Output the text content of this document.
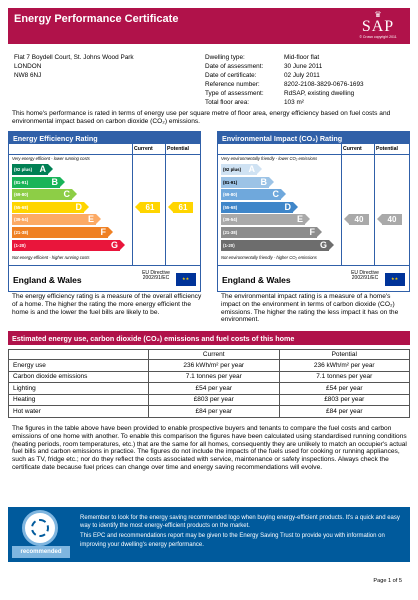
Energy Performance Certificate	♛
SAP
© Crown copyright 2011
Flat 7 Boydell Court, St. Johns Wood Park
LONDON
NW8 6NJ
Dwelling type:	Mid-floor flat
Date of assessment:	30 June 2011
Date of certificate:	02 July 2011
Reference number:	8202-2108-3829-0676-1693
Type of assessment:	RdSAP, existing dwelling
Total floor area:	103 m²
This home's performance is rated in terms of energy use per square metre of floor area, energy efficiency based on fuel costs and environmental impact based on carbon dioxide (CO₂) emissions.
Energy Efficiency Rating
Current	Potential
Very energy efficient - lower running costs
(92 plus) A
(81-91)	B
(69-80)	C
(55-68)	D
(39-54)	E
(21-38)	F
(1-20)	G
Not energy efficient - higher running costs
England & Wales
EU Directive 2002/91/EC	★★
61	61
The energy efficiency rating is a measure of the overall efficiency of a home. The higher the rating the more energy efficient the home is and the lower the fuel bills are likely to be.
Environmental Impact (CO₂) Rating
Current	Potential
Very environmentally friendly - lower CO₂ emissions
(92 plus) A
(81-91)	B
(69-80)	C
(55-68)	D
(39-54)	E
(21-38)	F
(1-20)	G
Not environmentally friendly - higher CO₂ emissions
England & Wales
EU Directive 2002/91/EC	★★
40	40
The environmental impact rating is a measure of a home's impact on the environment in terms of carbon dioxide (CO₂) emissions. The higher the rating the less impact it has on the environment.
Estimated energy use, carbon dioxide (CO₂) emissions and fuel costs of this home
	Current	Potential
Energy use	236 kWh/m² per year	236 kWh/m² per year
Carbon dioxide emissions	7.1 tonnes per year	7.1 tonnes per year
Lighting	£54 per year	£54 per year
Heating	£803 per year	£803 per year
Hot water	£84 per year	£84 per year
The figures in the table above have been provided to enable prospective buyers and tenants to compare the fuel costs and carbon emissions of one home with another. To enable this comparison the figures have been calculated using standardised running conditions (heating periods, room temperatures, etc.) that are the same for all homes, consequently they are unlikely to match an occupier's actual fuel bills and carbon emissions in practice. The figures do not include the impacts of the fuels used for cooking or running appliances, such as TV, fridge etc.; nor do they reflect the costs associated with service, maintenance or safety inspections. Always check the certificate date because fuel prices can change over time and energy saving recommendations will evolve.
recommended
Remember to look for the energy saving recommended logo when buying energy-efficient products. It's a quick and easy way to identify the most energy-efficient products on the market.
This EPC and recommendations report may be given to the Energy Saving Trust to provide you with information on improving your dwelling's energy performance.
Page 1 of 5
